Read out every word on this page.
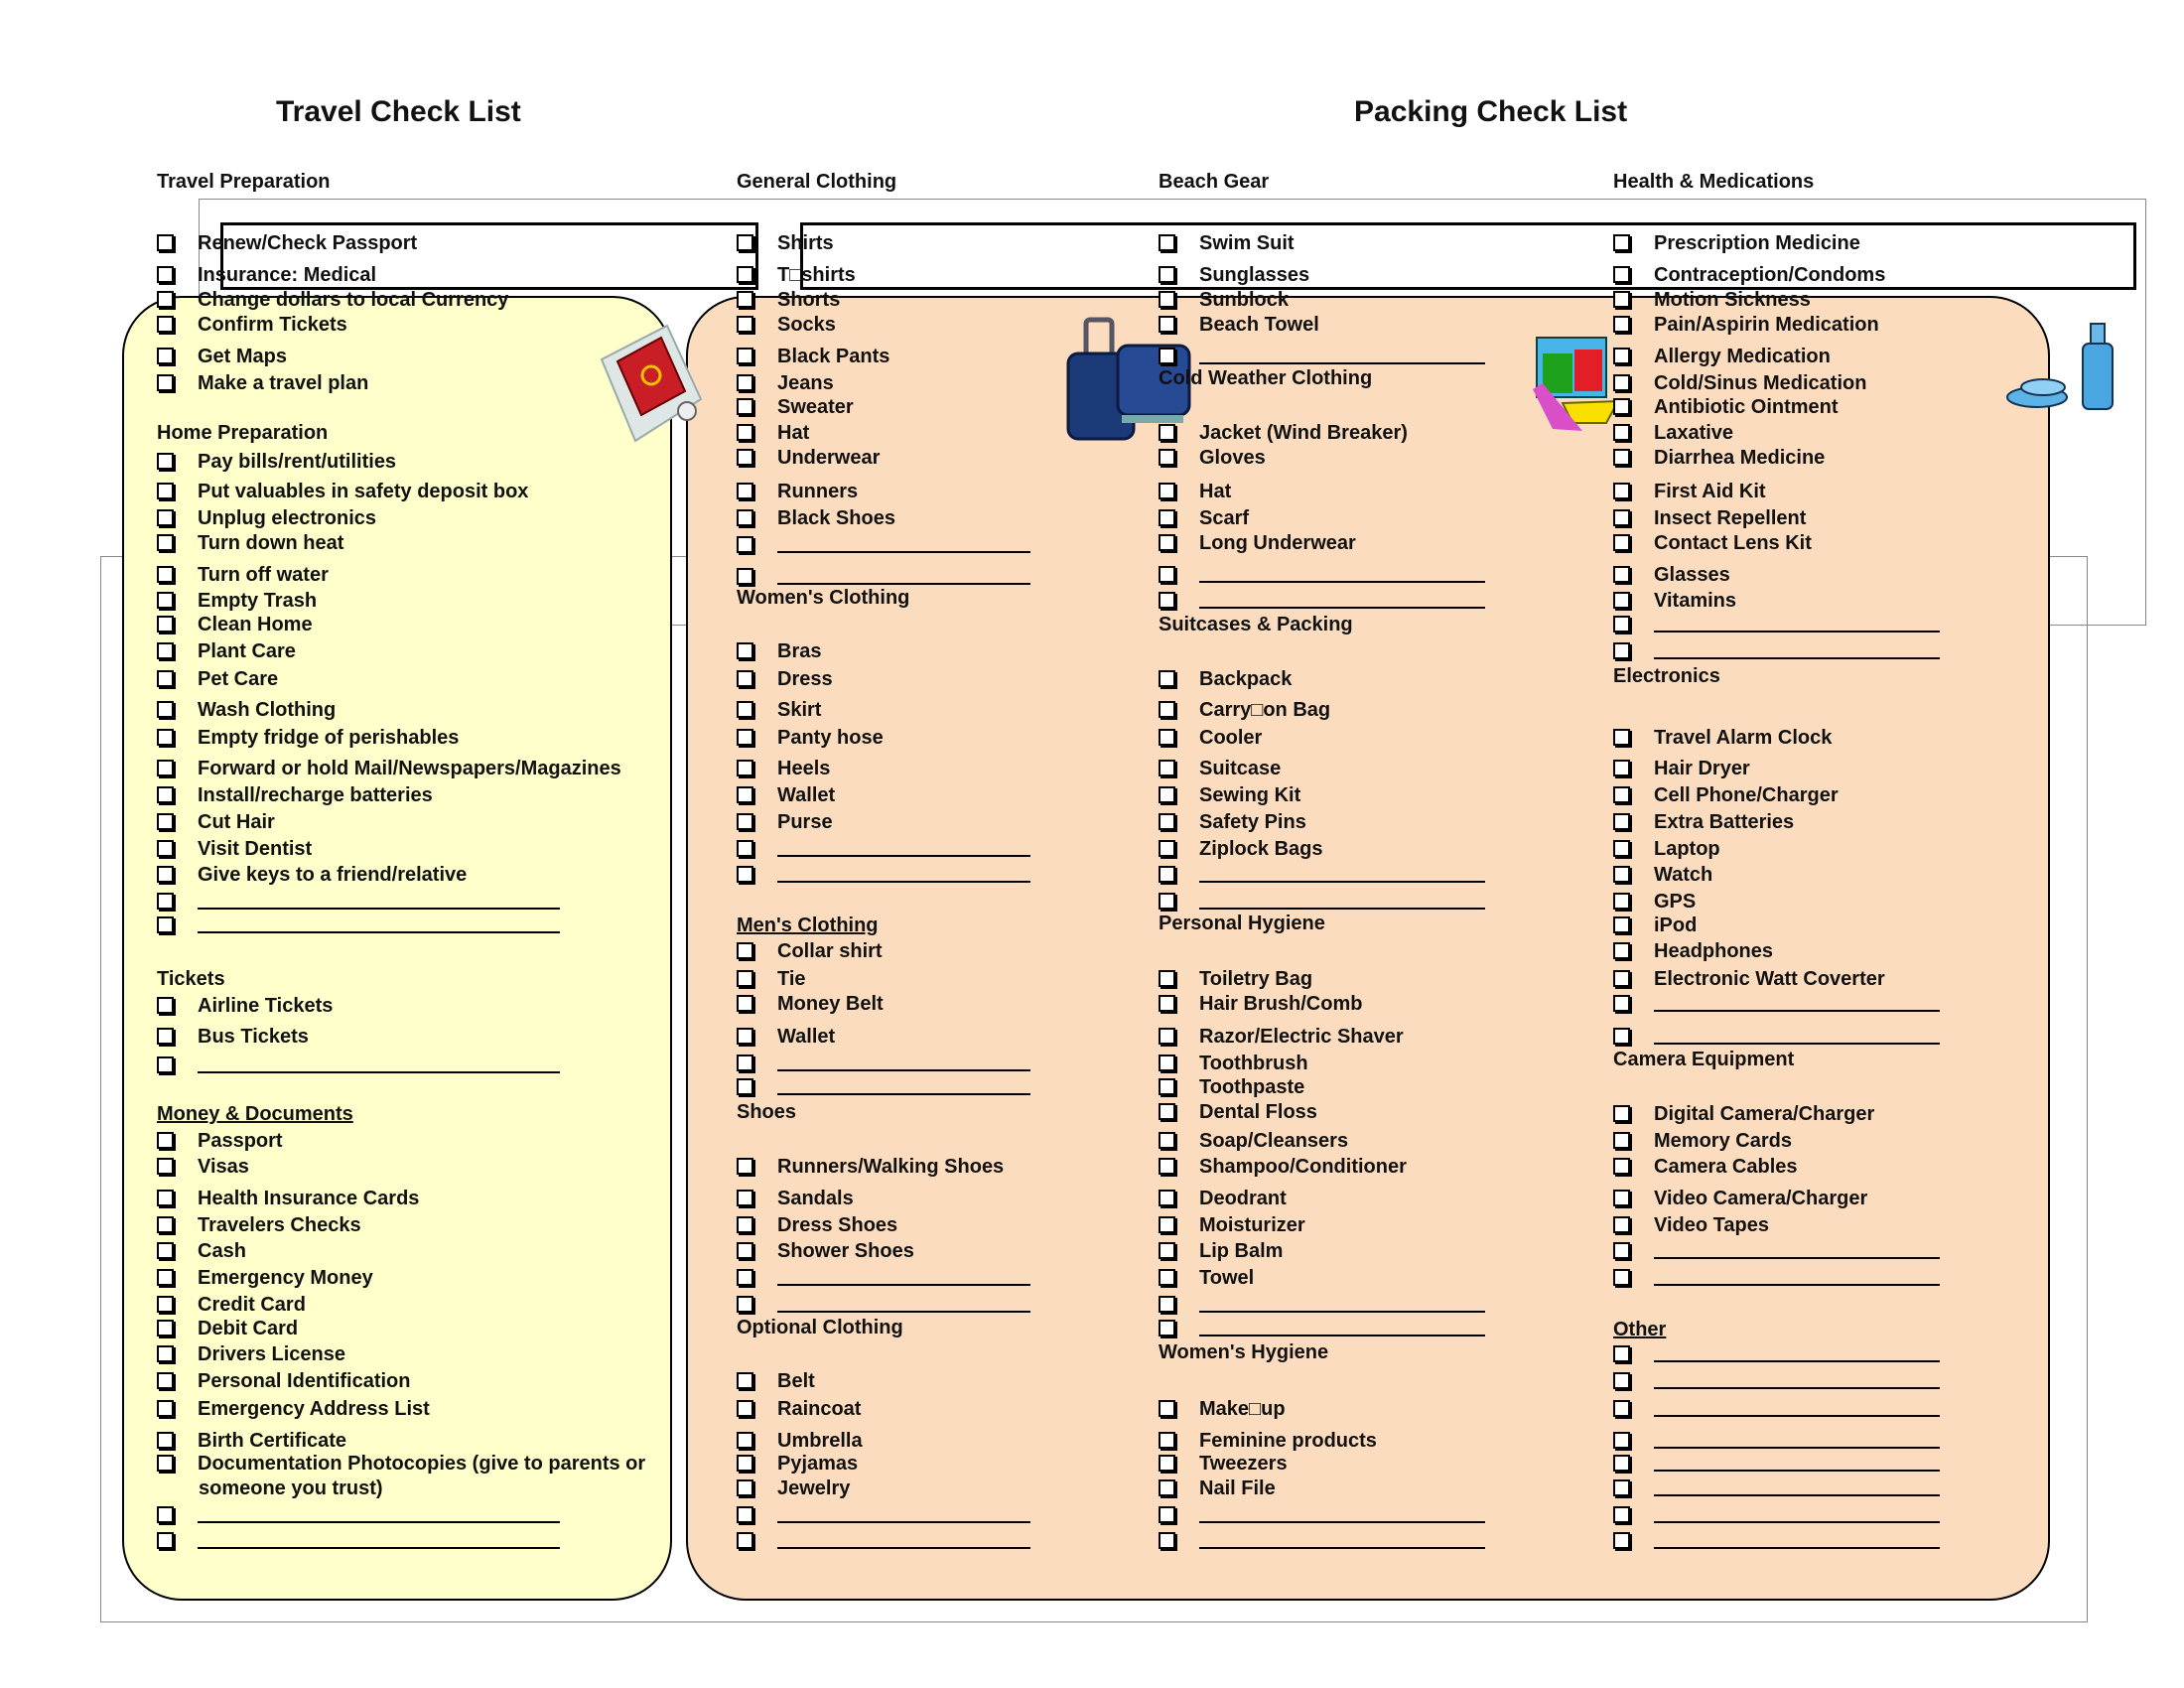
Travel Check List	Packing Check List
Travel Preparation
Renew/Check Passport
Insurance: Medical
Change dollars to local Currency
Confirm Tickets
Get Maps
Make a travel plan
Home Preparation
Pay bills/rent/utilities
Put valuables in safety deposit box
Unplug electronics
Turn down heat
Turn off water
Empty Trash
Clean Home
Plant Care
Pet Care
Wash Clothing
Empty fridge of perishables
Forward or hold Mail/Newspapers/Magazines
Install/recharge batteries
Cut Hair
Visit Dentist
Give keys to a friend/relative
Tickets
Airline Tickets
Bus Tickets
Money & Documents
Passport
Visas
Health Insurance Cards
Travelers Checks
Cash
Emergency Money
Credit Card
Debit Card
Drivers License
Personal Identification
Emergency Address List
Birth Certificate
Documentation Photocopies (give to parents or
someone you trust)
General Clothing
Shirts
T□shirts
Shorts
Socks
Black Pants
Jeans
Sweater
Hat
Underwear
Runners
Black Shoes
Women's Clothing
Bras
Dress
Skirt
Panty hose
Heels
Wallet
Purse
Men's Clothing
Collar shirt
Tie
Money Belt
Wallet
Shoes
Runners/Walking Shoes
Sandals
Dress Shoes
Shower Shoes
Optional Clothing
Belt
Raincoat
Umbrella
Pyjamas
Jewelry
Beach Gear
Swim Suit
Sunglasses
Sunblock
Beach Towel
Cold Weather Clothing
Jacket (Wind Breaker)
Gloves
Hat
Scarf
Long Underwear
Suitcases & Packing
Backpack
Carry□on Bag
Cooler
Suitcase
Sewing Kit
Safety Pins
Ziplock Bags
Personal Hygiene
Toiletry Bag
Hair Brush/Comb
Razor/Electric Shaver
Toothbrush
Toothpaste
Dental Floss
Soap/Cleansers
Shampoo/Conditioner
Deodrant
Moisturizer
Lip Balm
Towel
Women's Hygiene
Make□up
Feminine products
Tweezers
Nail File
Health & Medications
Prescription Medicine
Contraception/Condoms
Motion Sickness
Pain/Aspirin Medication
Allergy Medication
Cold/Sinus Medication
Antibiotic Ointment
Laxative
Diarrhea Medicine
First Aid Kit
Insect Repellent
Contact Lens Kit
Glasses
Vitamins
Electronics
Travel Alarm Clock
Hair Dryer
Cell Phone/Charger
Extra Batteries
Laptop
Watch
GPS
iPod
Headphones
Electronic Watt Coverter
Camera Equipment
Digital Camera/Charger
Memory Cards
Camera Cables
Video Camera/Charger
Video Tapes
Other
